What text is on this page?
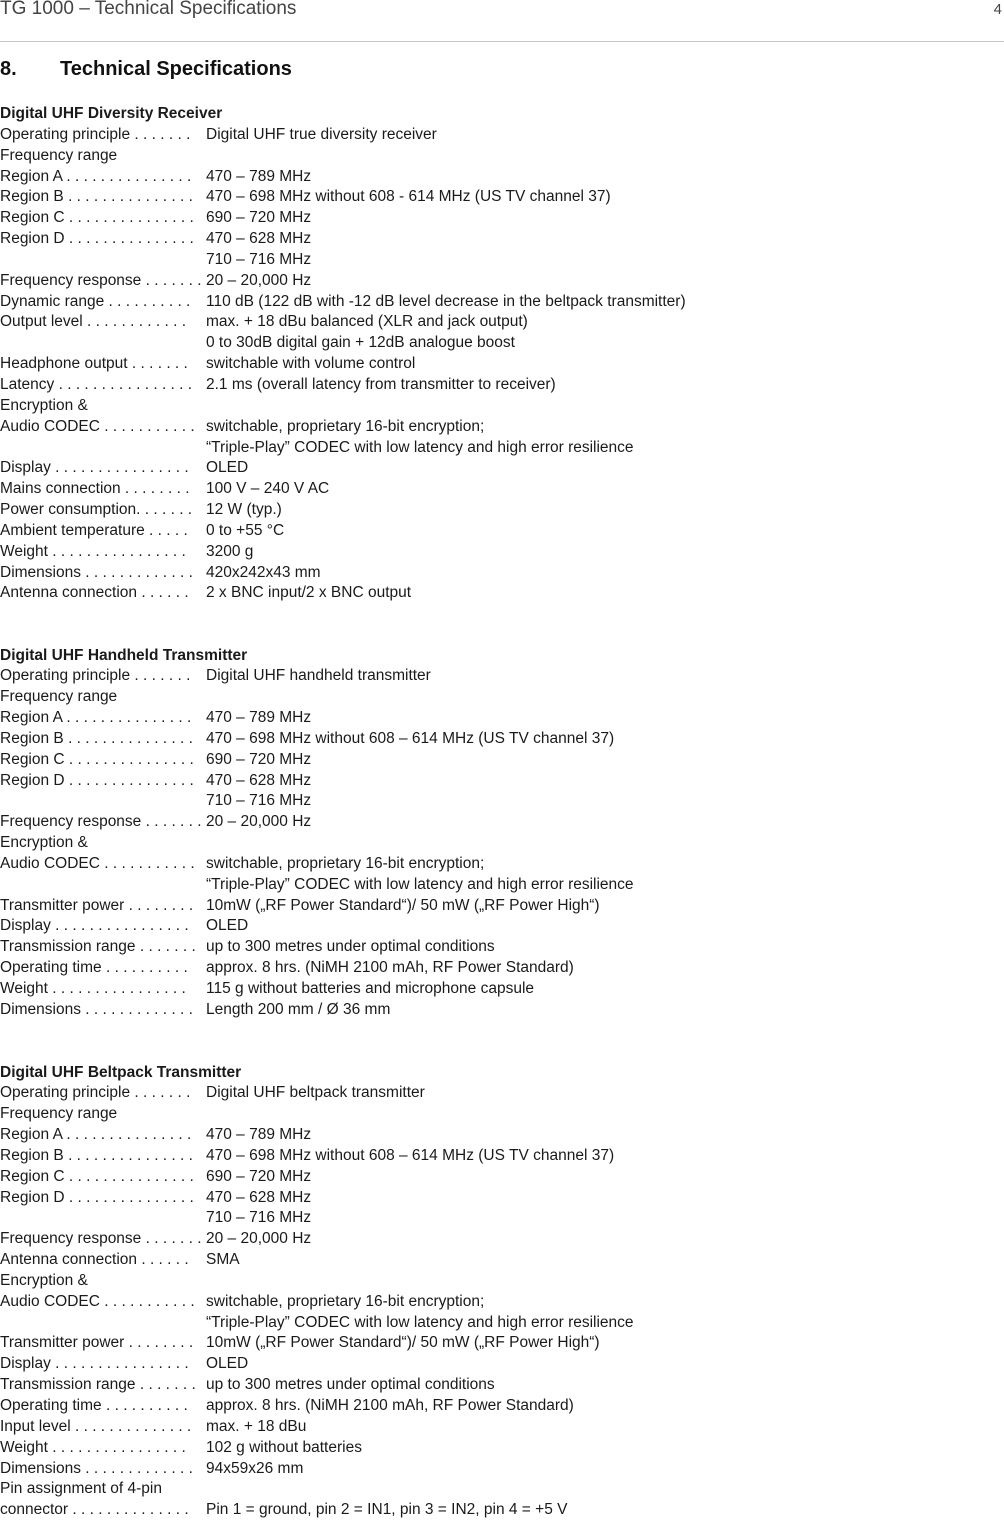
TG 1000 – Technical Specifications	4
8. Technical Specifications
Digital UHF Diversity Receiver
Operating principle . . . . . . . Digital UHF true diversity receiver
Frequency range
Region A . . . . . . . . . . . . . . . 470 – 789 MHz
Region B . . . . . . . . . . . . . . . 470 – 698 MHz without 608 - 614 MHz (US TV channel 37)
Region C . . . . . . . . . . . . . . . 690 – 720 MHz
Region D . . . . . . . . . . . . . . . 470 – 628 MHz
710 – 716 MHz
Frequency response . . . . . . . 20 – 20,000 Hz
Dynamic range . . . . . . . . . . 110 dB (122 dB with -12 dB level decrease in the beltpack transmitter)
Output level . . . . . . . . . . . . max. + 18 dBu balanced (XLR and jack output)
0 to 30dB digital gain + 12dB analogue boost
Headphone output . . . . . . . switchable with volume control
Latency . . . . . . . . . . . . . . . . 2.1 ms (overall latency from transmitter to receiver)
Encryption &
Audio CODEC . . . . . . . . . . . switchable, proprietary 16-bit encryption;
“Triple-Play” CODEC with low latency and high error resilience
Display . . . . . . . . . . . . . . . . OLED
Mains connection . . . . . . . . 100 V – 240 V AC
Power consumption. . . . . . . 12 W (typ.)
Ambient temperature . . . . . 0 to +55 °C
Weight . . . . . . . . . . . . . . . . 3200 g
Dimensions . . . . . . . . . . . . . 420x242x43 mm
Antenna connection . . . . . . 2 x BNC input/2 x BNC output
Digital UHF Handheld Transmitter
Operating principle . . . . . . . Digital UHF handheld transmitter
Frequency range
Region A . . . . . . . . . . . . . . . 470 – 789 MHz
Region B . . . . . . . . . . . . . . . 470 – 698 MHz without 608 – 614 MHz (US TV channel 37)
Region C . . . . . . . . . . . . . . . 690 – 720 MHz
Region D . . . . . . . . . . . . . . . 470 – 628 MHz
710 – 716 MHz
Frequency response . . . . . . . 20 – 20,000 Hz
Encryption &
Audio CODEC . . . . . . . . . . . switchable, proprietary 16-bit encryption;
“Triple-Play” CODEC with low latency and high error resilience
Transmitter power . . . . . . . . 10mW („RF Power Standard“)/ 50 mW („RF Power High“)
Display . . . . . . . . . . . . . . . . OLED
Transmission range . . . . . . . up to 300 metres under optimal conditions
Operating time . . . . . . . . . . approx. 8 hrs. (NiMH 2100 mAh, RF Power Standard)
Weight . . . . . . . . . . . . . . . . 115 g without batteries and microphone capsule
Dimensions . . . . . . . . . . . . . Length 200 mm / Ø 36 mm
Digital UHF Beltpack Transmitter
Operating principle . . . . . . . Digital UHF beltpack transmitter
Frequency range
Region A . . . . . . . . . . . . . . . 470 – 789 MHz
Region B . . . . . . . . . . . . . . . 470 – 698 MHz without 608 – 614 MHz (US TV channel 37)
Region C . . . . . . . . . . . . . . . 690 – 720 MHz
Region D . . . . . . . . . . . . . . . 470 – 628 MHz
710 – 716 MHz
Frequency response . . . . . . . 20 – 20,000 Hz
Antenna connection . . . . . . SMA
Encryption &
Audio CODEC . . . . . . . . . . . switchable, proprietary 16-bit encryption;
“Triple-Play” CODEC with low latency and high error resilience
Transmitter power . . . . . . . . 10mW („RF Power Standard“)/ 50 mW („RF Power High“)
Display . . . . . . . . . . . . . . . . OLED
Transmission range . . . . . . . up to 300 metres under optimal conditions
Operating time . . . . . . . . . . approx. 8 hrs. (NiMH 2100 mAh, RF Power Standard)
Input level . . . . . . . . . . . . . . max. + 18 dBu
Weight . . . . . . . . . . . . . . . . 102 g without batteries
Dimensions . . . . . . . . . . . . . 94x59x26 mm
Pin assignment of 4-pin
connector . . . . . . . . . . . . . . Pin 1 = ground, pin 2 = IN1, pin 3 = IN2, pin 4 = +5 V
